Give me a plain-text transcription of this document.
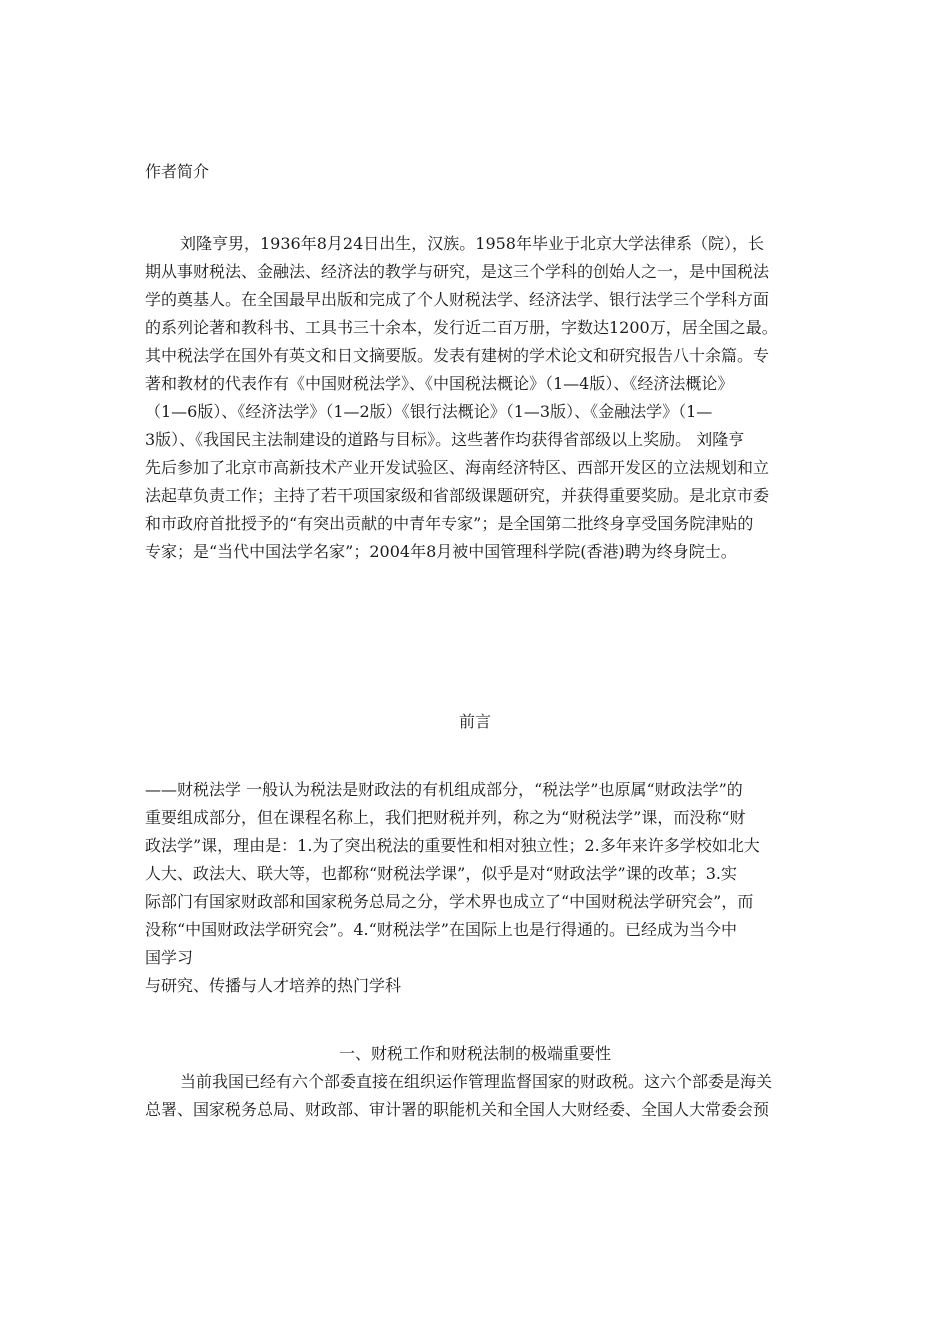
作者简介
刘隆亨男，1936年8月24日出生，汉族。1958年毕业于北京大学法律系（院），长
期从事财税法、金融法、经济法的教学与研究，是这三个学科的创始人之一，是中国税法
学的奠基人。在全国最早出版和完成了个人财税法学、经济法学、银行法学三个学科方面
的系列论著和教科书、工具书三十余本，发行近二百万册，字数达1200万，居全国之最。
其中税法学在国外有英文和日文摘要版。发表有建树的学术论文和研究报告八十余篇。专
著和教材的代表作有《中国财税法学》、《中国税法概论》（1—4版）、《经济法概论》
（1—6版）、《经济法学》（1—2版）《银行法概论》（1—3版）、《金融法学》（1—
3版）、《我国民主法制建设的道路与目标》。这些著作均获得省部级以上奖励。 刘隆亨
先后参加了北京市高新技术产业开发试验区、海南经济特区、西部开发区的立法规划和立
法起草负责工作；主持了若干项国家级和省部级课题研究，并获得重要奖励。是北京市委
和市政府首批授予的“有突出贡献的中青年专家”；是全国第二批终身享受国务院津贴的
专家；是“当代中国法学名家”；2004年8月被中国管理科学院(香港)聘为终身院士。
前言
——财税法学 一般认为税法是财政法的有机组成部分，“税法学”也原属“财政法学”的
重要组成部分，但在课程名称上，我们把财税并列，称之为“财税法学”课，而没称“财
政法学”课，理由是：1.为了突出税法的重要性和相对独立性；2.多年来许多学校如北大
人大、政法大、联大等，也都称“财税法学课”，似乎是对“财政法学”课的改革；3.实
际部门有国家财政部和国家税务总局之分，学术界也成立了“中国财税法学研究会”，而
没称“中国财政法学研究会”。4.“财税法学”在国际上也是行得通的。已经成为当今中
国学习
与研究、传播与人才培养的热门学科
一、财税工作和财税法制的极端重要性
当前我国已经有六个部委直接在组织运作管理监督国家的财政税。这六个部委是海关
总署、国家税务总局、财政部、审计署的职能机关和全国人大财经委、全国人大常委会预
